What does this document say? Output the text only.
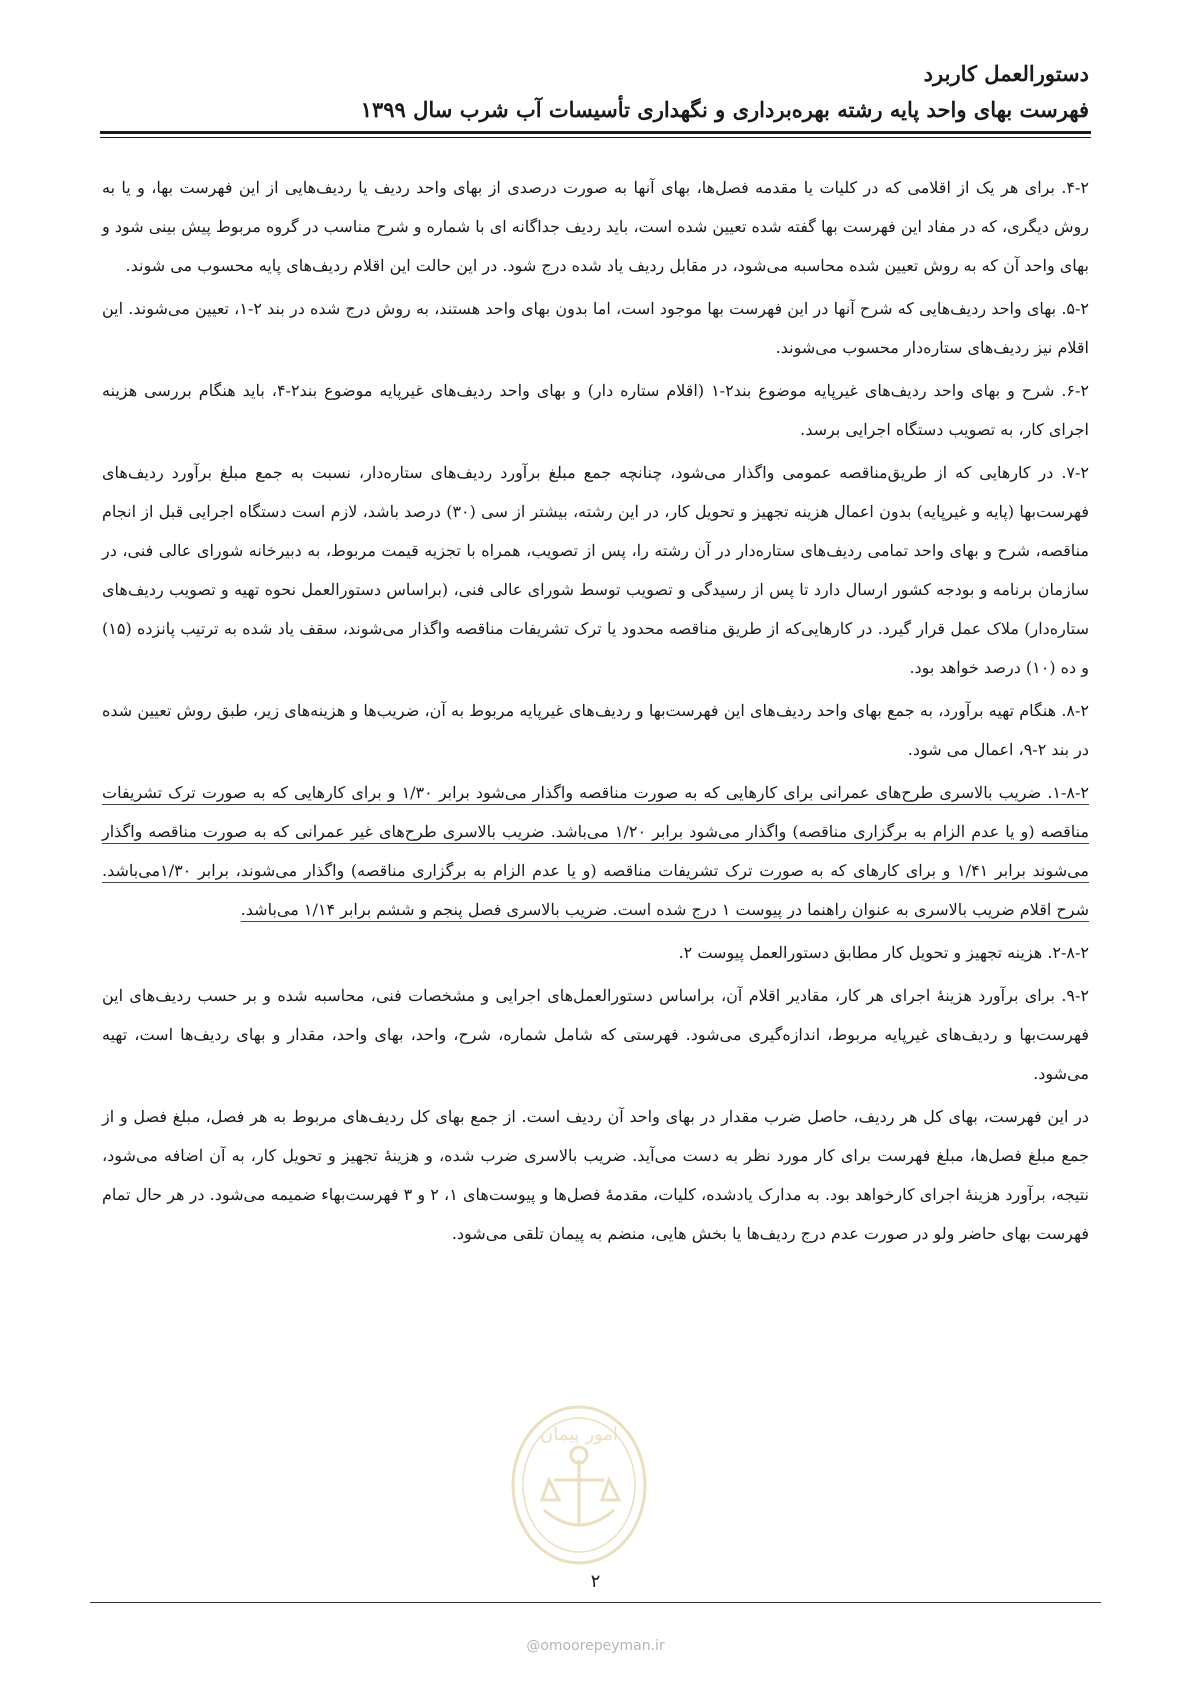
دستورالعمل کاربرد
فهرست بهای واحد پایه رشته بهره‌برداری و نگهداری تأسیسات آب شرب سال ۱۳۹۹

۴-۲. برای هر یک از اقلامی که در کلیات یا مقدمه فصل‌ها، بهای آنها به صورت درصدی از بهای واحد ردیف یا ردیف‌هایی از این فهرست بها، و یا به روش دیگری، که در مفاد این فهرست بها گفته شده تعیین شده است، باید ردیف جداگانه ای با شماره و شرح مناسب در گروه مربوط پیش بینی شود و بهای واحد آن که به روش تعیین شده محاسبه می‌شود، در مقابل ردیف یاد شده درج شود. در این حالت این اقلام ردیف‌های پایه محسوب می شوند.

۵-۲. بهای واحد ردیف‌هایی که شرح آنها در این فهرست بها موجود است، اما بدون بهای واحد هستند، به روش درج شده در بند ۲-۱، تعیین می‌شوند. این اقلام نیز ردیف‌های ستاره‌دار محسوب می‌شوند.

۶-۲. شرح و بهای واحد ردیف‌های غیرپایه موضوع بند۲-۱ (اقلام ستاره دار) و بهای واحد ردیف‌های غیرپایه موضوع بند۲-۴، باید هنگام بررسی هزینه اجرای کار، به تصویب دستگاه اجرایی برسد.

۷-۲. در کارهایی که از طریق‌مناقصه عمومی واگذار می‌شود، چنانچه جمع مبلغ برآورد ردیف‌های ستاره‌دار، نسبت به جمع مبلغ برآورد ردیف‌های فهرست‌بها (پایه و غیرپایه) بدون اعمال هزینه تجهیز و تحویل کار، در این رشته، بیشتر از سی (۳۰) درصد باشد، لازم است دستگاه اجرایی قبل از انجام مناقصه، شرح و بهای واحد تمامی ردیف‌های ستاره‌دار در آن رشته را، پس از تصویب، همراه با تجزیه قیمت مربوط، به دبیرخانه شورای عالی فنی، در سازمان برنامه و بودجه کشور ارسال دارد تا پس از رسیدگی و تصویب توسط شورای عالی فنی، (براساس دستورالعمل نحوه تهیه و تصویب ردیف‌های ستاره‌دار) ملاک عمل قرار گیرد. در کارهایی‌که از طریق مناقصه محدود یا ترک تشریفات مناقصه واگذار می‌شوند، سقف یاد شده به ترتیب پانزده (۱۵) و ده (۱۰) درصد خواهد بود.

۸-۲. هنگام تهیه برآورد، به جمع بهای واحد ردیف‌های این فهرست‌بها و ردیف‌های غیرپایه مربوط به آن، ضریب‌ها و هزینه‌های زیر، طبق روش تعیین شده در بند ۲-۹، اعمال می شود.

۱-۸-۲. ضریب بالاسری طرح‌های عمرانی برای کارهایی که به صورت مناقصه واگذار می‌شود برابر ۱/۳۰ و برای کارهایی که به صورت ترک تشریفات مناقصه (و یا عدم الزام به برگزاری مناقصه) واگذار می‌شود برابر ۱/۲۰ می‌باشد. ضریب بالاسری طرح‌های غیر عمرانی که به صورت مناقصه واگذار می‌شوند برابر ۱/۴۱ و برای کارهای که به صورت ترک تشریفات مناقصه (و یا عدم الزام به برگزاری مناقصه) واگذار می‌شوند، برابر ۱/۳۰می‌باشد. شرح اقلام ضریب بالاسری به عنوان راهنما در پیوست ۱ درج شده است. ضریب بالاسری فصل پنجم و ششم برابر ۱/۱۴ می‌باشد.

۲-۸-۲. هزینه تجهیز و تحویل کار مطابق دستورالعمل پیوست ۲.

۹-۲. برای برآورد هزینهٔ اجرای هر کار، مقادیر اقلام آن، براساس دستورالعمل‌های اجرایی و مشخصات فنی، محاسبه شده و بر حسب ردیف‌های این فهرست‌بها و ردیف‌های غیرپایه مربوط، اندازه‌گیری می‌شود. فهرستی که شامل شماره، شرح، واحد، بهای واحد، مقدار و بهای ردیف‌ها است، تهیه می‌شود.

در این فهرست، بهای کل هر ردیف، حاصل ضرب مقدار در بهای واحد آن ردیف است. از جمع بهای کل ردیف‌های مربوط به هر فصل، مبلغ فصل و از جمع مبلغ فصل‌ها، مبلغ فهرست برای کار مورد نظر به دست می‌آید. ضریب بالاسری ضرب شده، و هزینهٔ تجهیز و تحویل کار، به آن اضافه می‌شود، نتیجه، برآورد هزینهٔ اجرای کارخواهد بود. به مدارک یادشده، کلیات، مقدمهٔ فصل‌ها و پیوست‌های ۱، ۲ و ۳ فهرست‌بهاء ضمیمه می‌شود. در هر حال تمام فهرست بهای حاضر ولو در صورت عدم درج ردیف‌ها یا بخش هایی، منضم به پیمان تلقی می‌شود.

امور پیمان
۲
@omoorepeyman.ir
